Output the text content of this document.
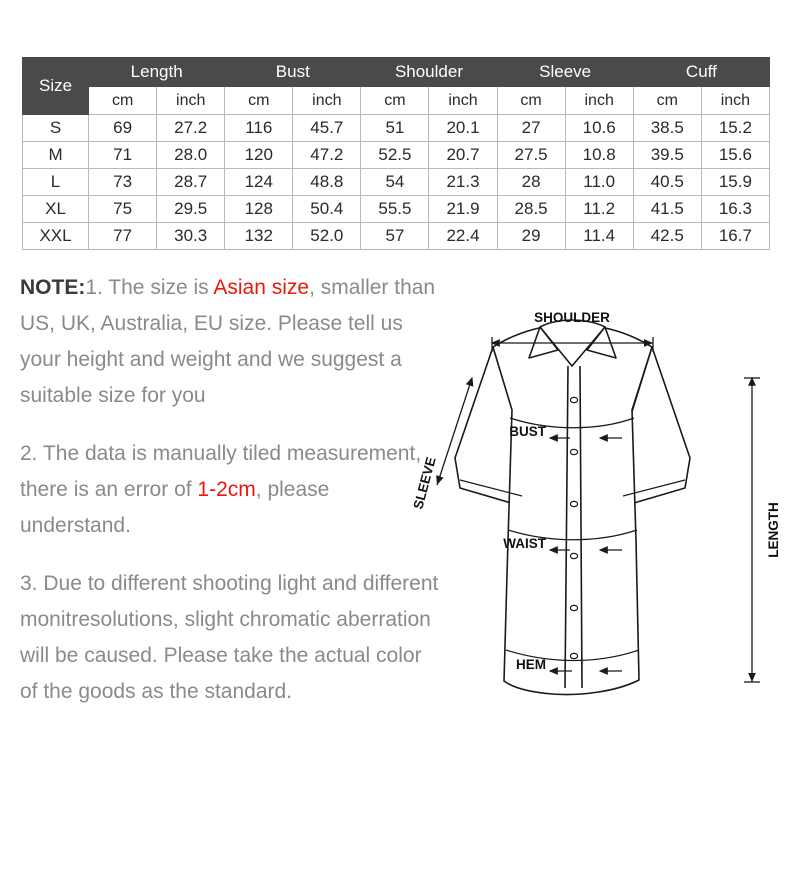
Size	Length		Bust		Shoulder		Sleeve		Cuff	
	cm	inch	cm	inch	cm	inch	cm	inch	cm	inch
S	69	27.2	116	45.7	51	20.1	27	10.6	38.5	15.2
M	71	28.0	120	47.2	52.5	20.7	27.5	10.8	39.5	15.6
L	73	28.7	124	48.8	54	21.3	28	11.0	40.5	15.9
XL	75	29.5	128	50.4	55.5	21.9	28.5	11.2	41.5	16.3
XXL	77	30.3	132	52.0	57	22.4	29	11.4	42.5	16.7

NOTE:1. The size is Asian size, smaller than US, UK, Australia, EU size. Please tell us your height and weight and we suggest a suitable size for you

2. The data is manually tiled measurement, there is an error of 1-2cm, please understand.

3. Due to different shooting light and different monitresolutions, slight chromatic aberration will be caused. Please take the actual color of the goods as the standard.

SHOULDER
BUST
WAIST
HEM
SLEEVE
LENGTH
